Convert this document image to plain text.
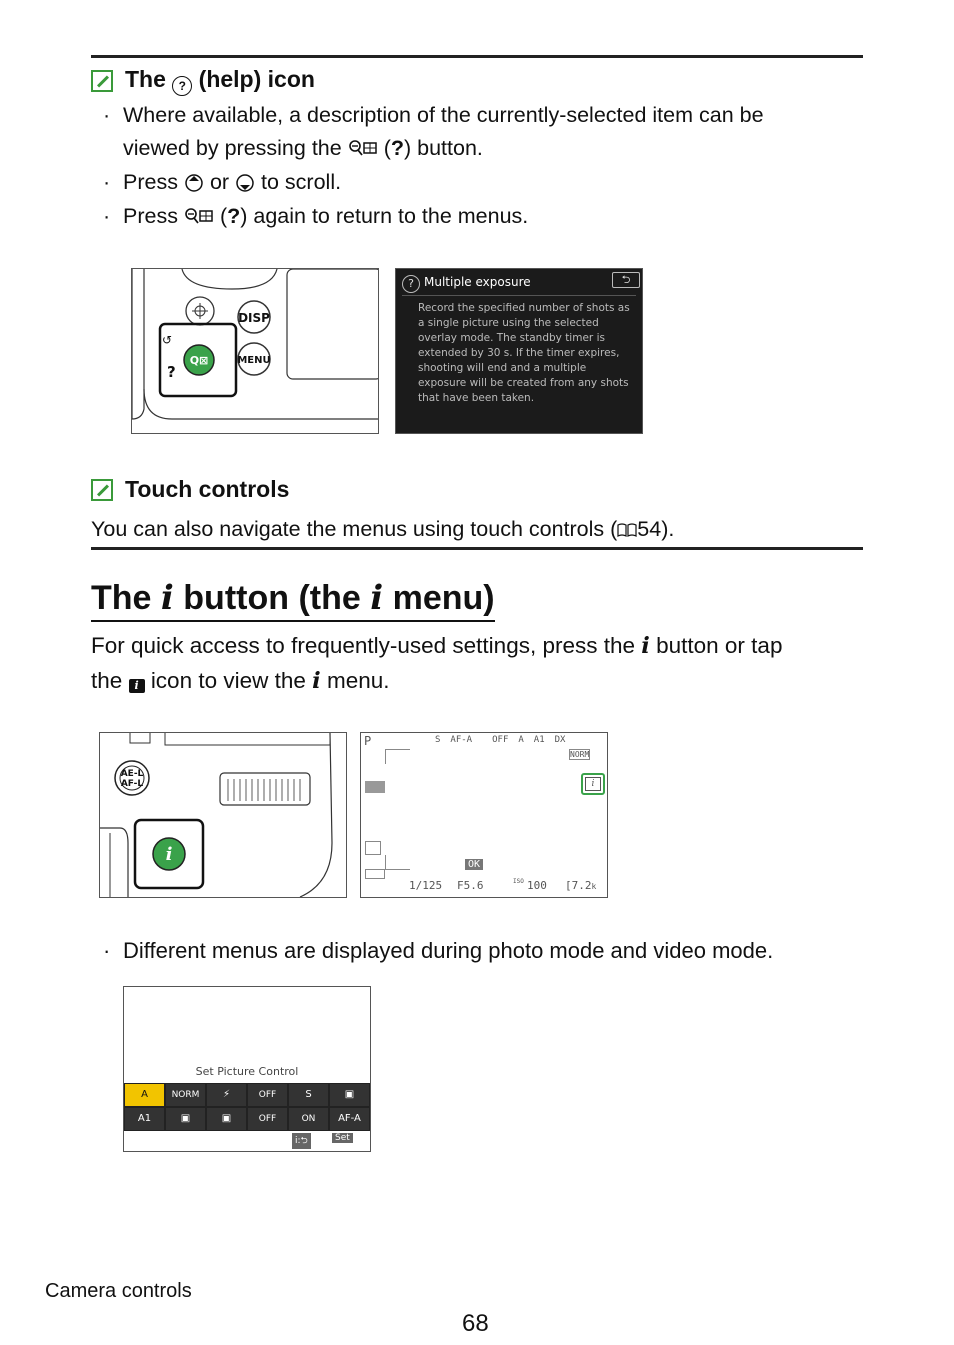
The ? (help) icon
· Where available, a description of the currently-selected item can be
viewed by pressing the (?) button.
· Press or to scroll.
· Press (?) again to return to the menus.
↺
?
DISP
MENU
Q⊠
? Multiple exposure	⮌
Record the specified number of shots as
a single picture using the selected
overlay mode. The standby timer is
extended by 30 s. If the timer expires,
shooting will end and a multiple
exposure will be created from any shots
that have been taken.
Touch controls
You can also navigate the menus using touch controls ( 54).
The i button (the i menu)
For quick access to frequently-used settings, press the i button or tap
the i icon to view the i menu.
AE-L
AF-L
i
P	S AF-A OFF A A1 DX
NORM
i
OK
1/125 F5.6	ISO 100 [7.2k
· Different menus are displayed during photo mode and video mode.
Set Picture Control
A	NORM	⚡	OFF	S	▣
A1	▣	▣	OFF	ON	AF-A
i:⮌	Set
Camera controls
68
